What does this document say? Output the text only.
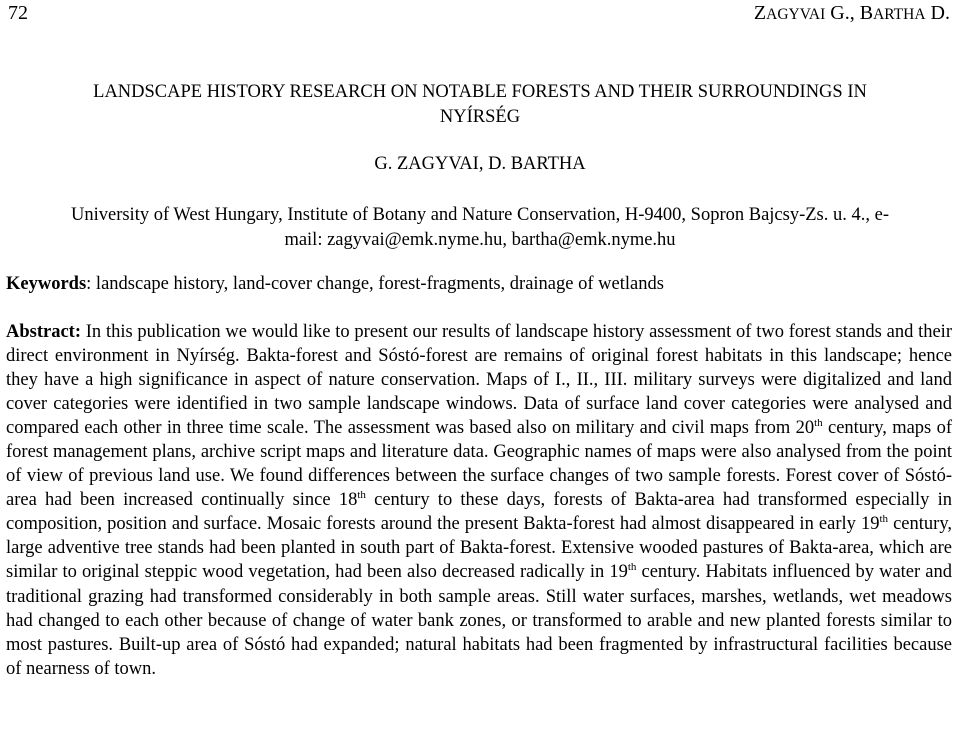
72	ZAGYVAI G., BARTHA D.
LANDSCAPE HISTORY RESEARCH ON NOTABLE FORESTS AND THEIR SURROUNDINGS IN
NYÍRSÉG
G. ZAGYVAI, D. BARTHA
University of West Hungary, Institute of Botany and Nature Conservation, H-9400, Sopron Bajcsy-Zs. u. 4., e-
mail: zagyvai@emk.nyme.hu, bartha@emk.nyme.hu
Keywords: landscape history, land-cover change, forest-fragments, drainage of wetlands
Abstract: In this publication we would like to present our results of landscape history assessment of two forest stands and their direct environment in Nyírség. Bakta-forest and Sóstó-forest are remains of original forest habitats in this landscape; hence they have a high significance in aspect of nature conservation. Maps of I., II., III. military surveys were digitalized and land cover categories were identified in two sample landscape windows. Data of surface land cover categories were analysed and compared each other in three time scale. The assessment was based also on military and civil maps from 20th century, maps of forest management plans, archive script maps and literature data. Geographic names of maps were also analysed from the point of view of previous land use. We found differences between the surface changes of two sample forests. Forest cover of Sóstó-area had been increased continually since 18th century to these days, forests of Bakta-area had transformed especially in composition, position and surface. Mosaic forests around the present Bakta-forest had almost disappeared in early 19th century, large adventive tree stands had been planted in south part of Bakta-forest. Extensive wooded pastures of Bakta-area, which are similar to original steppic wood vegetation, had been also decreased radically in 19th century. Habitats influenced by water and traditional grazing had transformed considerably in both sample areas. Still water surfaces, marshes, wetlands, wet meadows had changed to each other because of change of water bank zones, or transformed to arable and new planted forests similar to most pastures. Built-up area of Sóstó had expanded; natural habitats had been fragmented by infrastructural facilities because of nearness of town.
